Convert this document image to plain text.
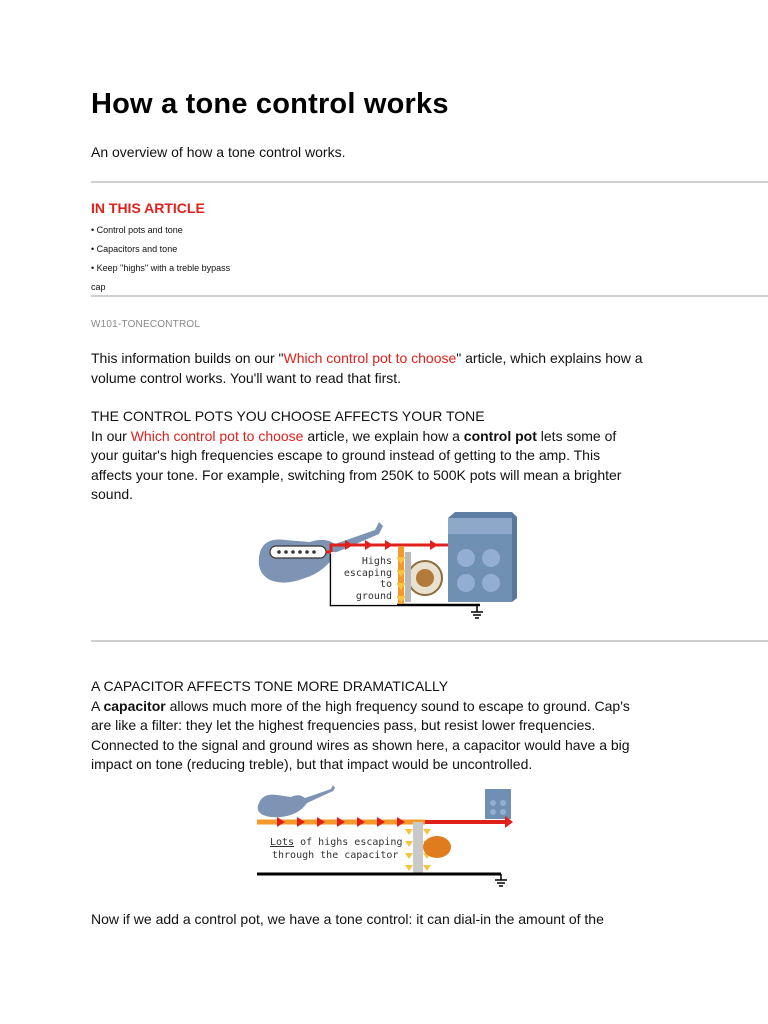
How a tone control works
An overview of how a tone control works.
IN THIS ARTICLE
• Control pots and tone
• Capacitors and tone
• Keep "highs" with a treble bypass
cap
W101-TONECONTROL
This information builds on our "Which control pot to choose" article, which explains how a
volume control works. You'll want to read that first.
THE CONTROL POTS YOU CHOOSE AFFECTS YOUR TONE
In our Which control pot to choose article, we explain how a control pot lets some of
your guitar's high frequencies escape to ground instead of getting to the amp. This
affects your tone. For example, switching from 250K to 500K pots will mean a brighter
sound.
Highs
escaping
to
ground
A CAPACITOR AFFECTS TONE MORE DRAMATICALLY
A capacitor allows much more of the high frequency sound to escape to ground. Cap's
are like a filter: they let the highest frequencies pass, but resist lower frequencies.
Connected to the signal and ground wires as shown here, a capacitor would have a big
impact on tone (reducing treble), but that impact would be uncontrolled.
Lots of highs escaping
through the capacitor
Now if we add a control pot, we have a tone control: it can dial-in the amount of the
